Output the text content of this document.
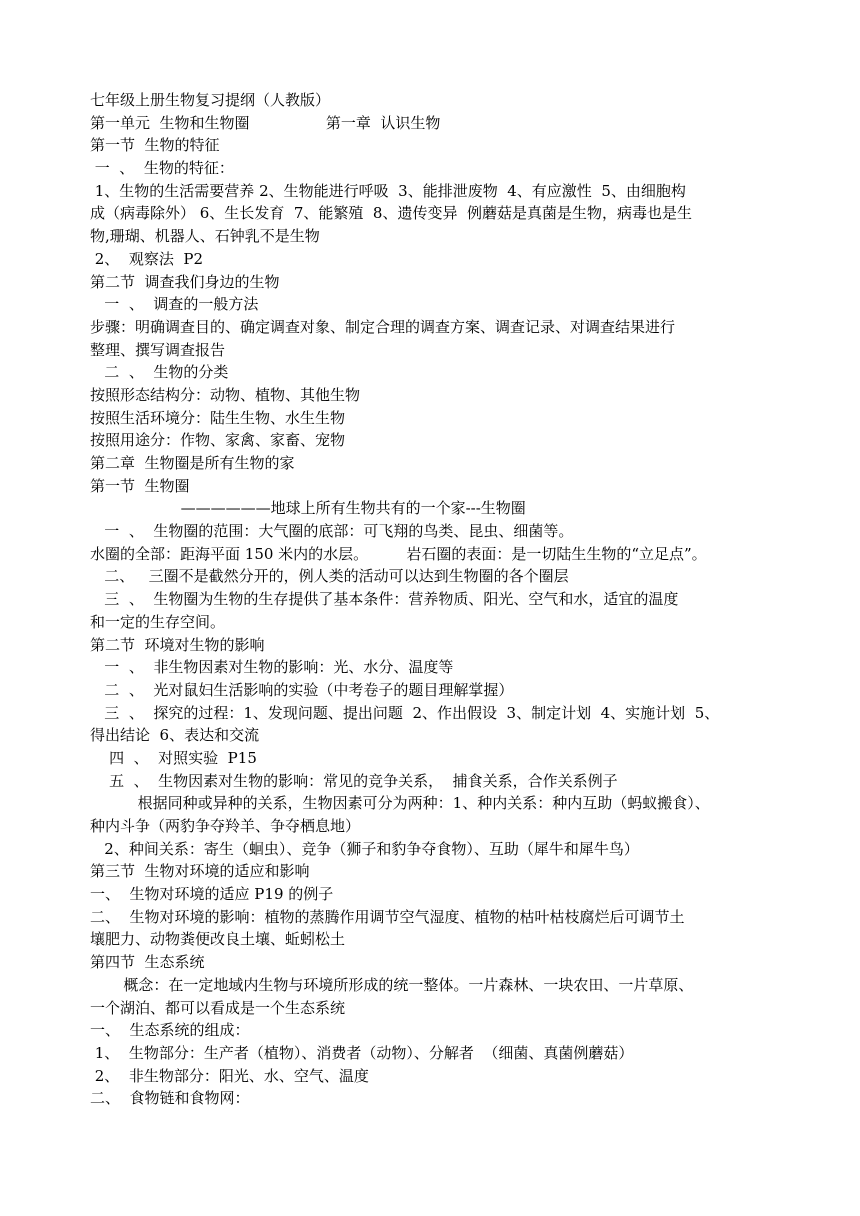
七年级上册生物复习提纲（人教版）
第一单元  生物和生物圈                第一章  认识生物
第一节  生物的特征
一  、  生物的特征：
1、生物的生活需要营养 2、生物能进行呼吸  3、能排泄废物  4、有应激性  5、由细胞构
成（病毒除外） 6、生长发育  7、能繁殖  8、遗传变异  例蘑菇是真菌是生物，病毒也是生
物,珊瑚、机器人、石钟乳不是生物
2、  观察法  P2
第二节  调查我们身边的生物
一  、  调查的一般方法
步骤：明确调查目的、确定调查对象、制定合理的调查方案、调查记录、对调查结果进行
整理、撰写调查报告
二  、  生物的分类
按照形态结构分：动物、植物、其他生物
按照生活环境分：陆生生物、水生生物
按照用途分：作物、家禽、家畜、宠物
第二章  生物圈是所有生物的家
第一节  生物圈
——————地球上所有生物共有的一个家---生物圈
一  、  生物圈的范围：大气圈的底部：可飞翔的鸟类、昆虫、细菌等。
水圈的全部：距海平面 150 米内的水层。        岩石圈的表面：是一切陆生生物的“立足点”。
二、   三圈不是截然分开的，例人类的活动可以达到生物圈的各个圈层
三  、  生物圈为生物的生存提供了基本条件：营养物质、阳光、空气和水，适宜的温度
和一定的生存空间。
第二节  环境对生物的影响
一  、  非生物因素对生物的影响：光、水分、温度等
二  、  光对鼠妇生活影响的实验（中考卷子的题目理解掌握）
三  、  探究的过程：1、发现问题、提出问题  2、作出假设  3、制定计划  4、实施计划  5、
得出结论  6、表达和交流
四  、  对照实验  P15
五  、  生物因素对生物的影响：常见的竞争关系，  捕食关系，合作关系例子
根据同种或异种的关系，生物因素可分为两种：1、种内关系：种内互助（蚂蚁搬食）、
种内斗争（两豹争夺羚羊、争夺栖息地）
2、种间关系：寄生（蛔虫）、竞争（狮子和豹争夺食物）、互助（犀牛和犀牛鸟）
第三节  生物对环境的适应和影响
一、  生物对环境的适应 P19 的例子
二、  生物对环境的影响：植物的蒸腾作用调节空气湿度、植物的枯叶枯枝腐烂后可调节土
壤肥力、动物粪便改良土壤、蚯蚓松土
第四节  生态系统
概念：在一定地域内生物与环境所形成的统一整体。一片森林、一块农田、一片草原、
一个湖泊、都可以看成是一个生态系统
一、  生态系统的组成：
1、  生物部分：生产者（植物）、消费者（动物）、分解者  （细菌、真菌例蘑菇）
2、  非生物部分：阳光、水、空气、温度
二、  食物链和食物网：
